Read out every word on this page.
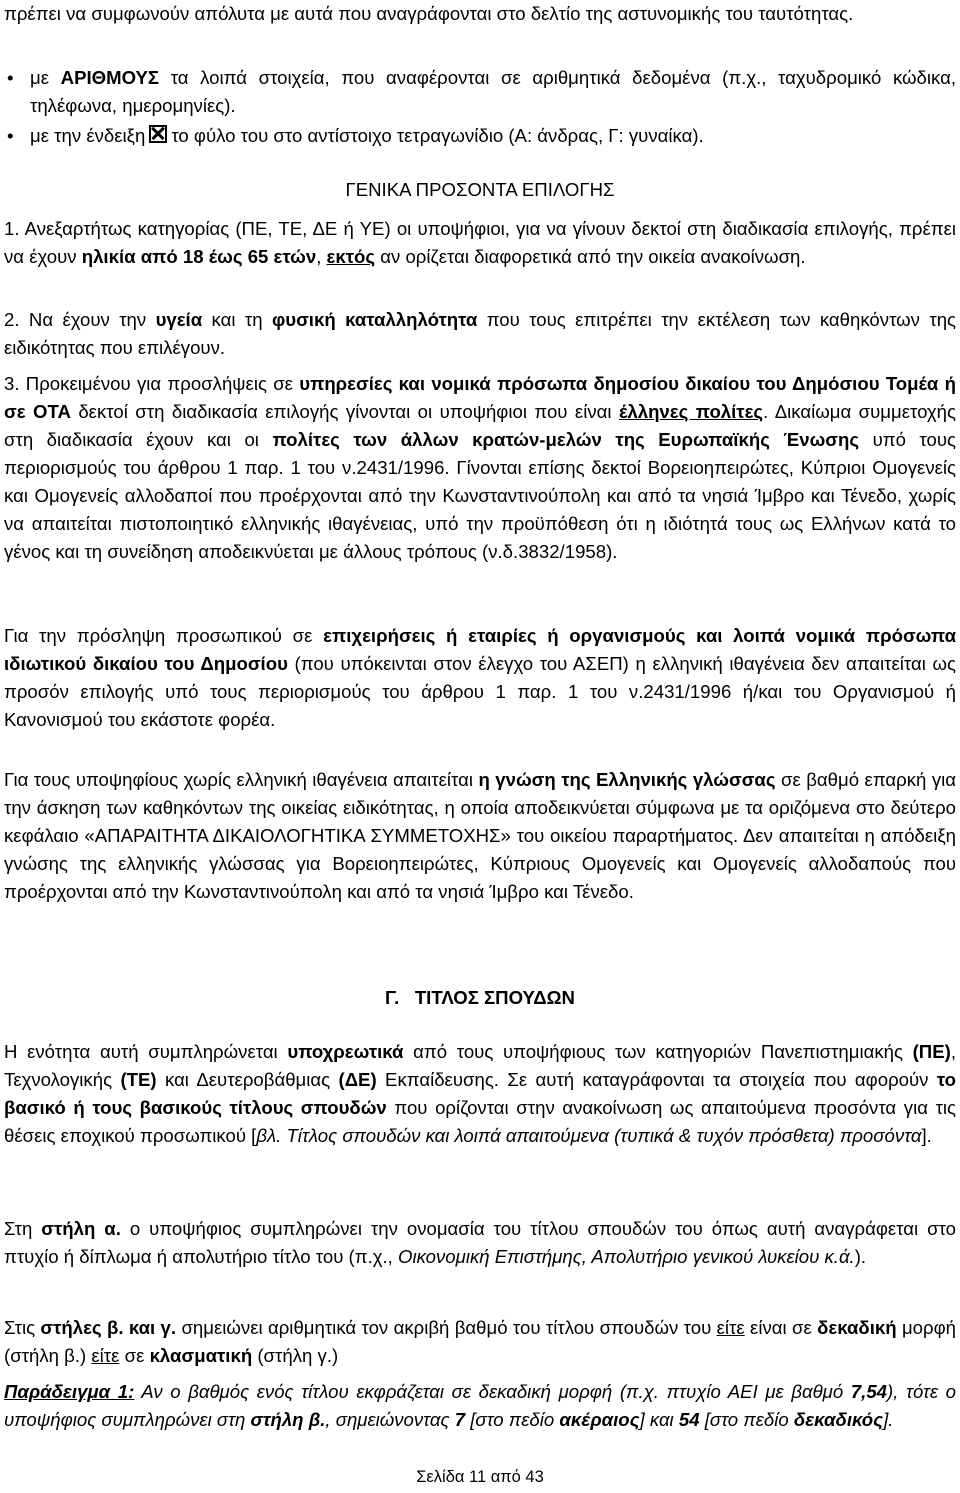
πρέπει να συμφωνούν απόλυτα με αυτά που αναγράφονται στο δελτίο της αστυνομικής του ταυτότητας.

• με ΑΡΙΘΜΟΥΣ τα λοιπά στοιχεία, που αναφέρονται σε αριθμητικά δεδομένα (π.χ., ταχυδρομικό κώδικα, τηλέφωνα, ημερομηνίες).

• με την ένδειξη το φύλο του στο αντίστοιχο τετραγωνίδιο (Α: άνδρας, Γ: γυναίκα).

ΓΕΝΙΚΑ ΠΡΟΣΟΝΤΑ ΕΠΙΛΟΓΗΣ

1. Ανεξαρτήτως κατηγορίας (ΠΕ, ΤΕ, ΔΕ ή ΥΕ) οι υποψήφιοι, για να γίνουν δεκτοί στη διαδικασία επιλογής, πρέπει να έχουν ηλικία από 18 έως 65 ετών, εκτός αν ορίζεται διαφορετικά από την οικεία ανακοίνωση.

2. Να έχουν την υγεία και τη φυσική καταλληλότητα που τους επιτρέπει την εκτέλεση των καθηκόντων της ειδικότητας που επιλέγουν.

3. Προκειμένου για προσλήψεις σε υπηρεσίες και νομικά πρόσωπα δημοσίου δικαίου του Δημόσιου Τομέα ή σε ΟΤΑ δεκτοί στη διαδικασία επιλογής γίνονται οι υποψήφιοι που είναι έλληνες πολίτες. Δικαίωμα συμμετοχής στη διαδικασία έχουν και οι πολίτες των άλλων κρατών-μελών της Ευρωπαϊκής Ένωσης υπό τους περιορισμούς του άρθρου 1 παρ. 1 του ν.2431/1996. Γίνονται επίσης δεκτοί Βορειοηπειρώτες, Κύπριοι Ομογενείς και Ομογενείς αλλοδαποί που προέρχονται από την Κωνσταντινούπολη και από τα νησιά Ίμβρο και Τένεδο, χωρίς να απαιτείται πιστοποιητικό ελληνικής ιθαγένειας, υπό την προϋπόθεση ότι η ιδιότητά τους ως Ελλήνων κατά το γένος και τη συνείδηση αποδεικνύεται με άλλους τρόπους (ν.δ.3832/1958).

Για την πρόσληψη προσωπικού σε επιχειρήσεις ή εταιρίες ή οργανισμούς και λοιπά νομικά πρόσωπα ιδιωτικού δικαίου του Δημοσίου (που υπόκεινται στον έλεγχο του ΑΣΕΠ) η ελληνική ιθαγένεια δεν απαιτείται ως προσόν επιλογής υπό τους περιορισμούς του άρθρου 1 παρ. 1 του ν.2431/1996 ή/και του Οργανισμού ή Κανονισμού του εκάστοτε φορέα.

Για τους υποψηφίους χωρίς ελληνική ιθαγένεια απαιτείται η γνώση της Ελληνικής γλώσσας σε βαθμό επαρκή για την άσκηση των καθηκόντων της οικείας ειδικότητας, η οποία αποδεικνύεται σύμφωνα με τα οριζόμενα στο δεύτερο κεφάλαιο «ΑΠΑΡΑΙΤΗΤΑ ΔΙΚΑΙΟΛΟΓΗΤΙΚΑ ΣΥΜΜΕΤΟΧΗΣ» του οικείου παραρτήματος. Δεν απαιτείται η απόδειξη γνώσης της ελληνικής γλώσσας για Βορειοηπειρώτες, Κύπριους Ομογενείς και Ομογενείς αλλοδαπούς που προέρχονται από την Κωνσταντινούπολη και από τα νησιά Ίμβρο και Τένεδο.

Γ.   ΤΙΤΛΟΣ ΣΠΟΥΔΩΝ

Η ενότητα αυτή συμπληρώνεται υποχρεωτικά από τους υποψήφιους των κατηγοριών Πανεπιστημιακής (ΠΕ), Τεχνολογικής (ΤΕ) και Δευτεροβάθμιας (ΔΕ) Εκπαίδευσης. Σε αυτή καταγράφονται τα στοιχεία που αφορούν το βασικό ή τους βασικούς τίτλους σπουδών που ορίζονται στην ανακοίνωση ως απαιτούμενα προσόντα για τις θέσεις εποχικού προσωπικού [βλ. Τίτλος σπουδών και λοιπά απαιτούμενα (τυπικά & τυχόν πρόσθετα) προσόντα].

Στη στήλη α. ο υποψήφιος συμπληρώνει την ονομασία του τίτλου σπουδών του όπως αυτή αναγράφεται στο πτυχίο ή δίπλωμα ή απολυτήριο τίτλο του (π.χ., Οικονομική Επιστήμης, Απολυτήριο γενικού λυκείου κ.ά.).

Στις στήλες β. και γ. σημειώνει αριθμητικά τον ακριβή βαθμό του τίτλου σπουδών του είτε είναι σε δεκαδική μορφή (στήλη β.) είτε σε κλασματική (στήλη γ.)

Παράδειγμα 1: Αν ο βαθμός ενός τίτλου εκφράζεται σε δεκαδική μορφή (π.χ. πτυχίο ΑΕΙ με βαθμό 7,54), τότε ο υποψήφιος συμπληρώνει στη στήλη β., σημειώνοντας 7 [στο πεδίο ακέραιος] και 54 [στο πεδίο δεκαδικός].

Σελίδα 11 από 43
